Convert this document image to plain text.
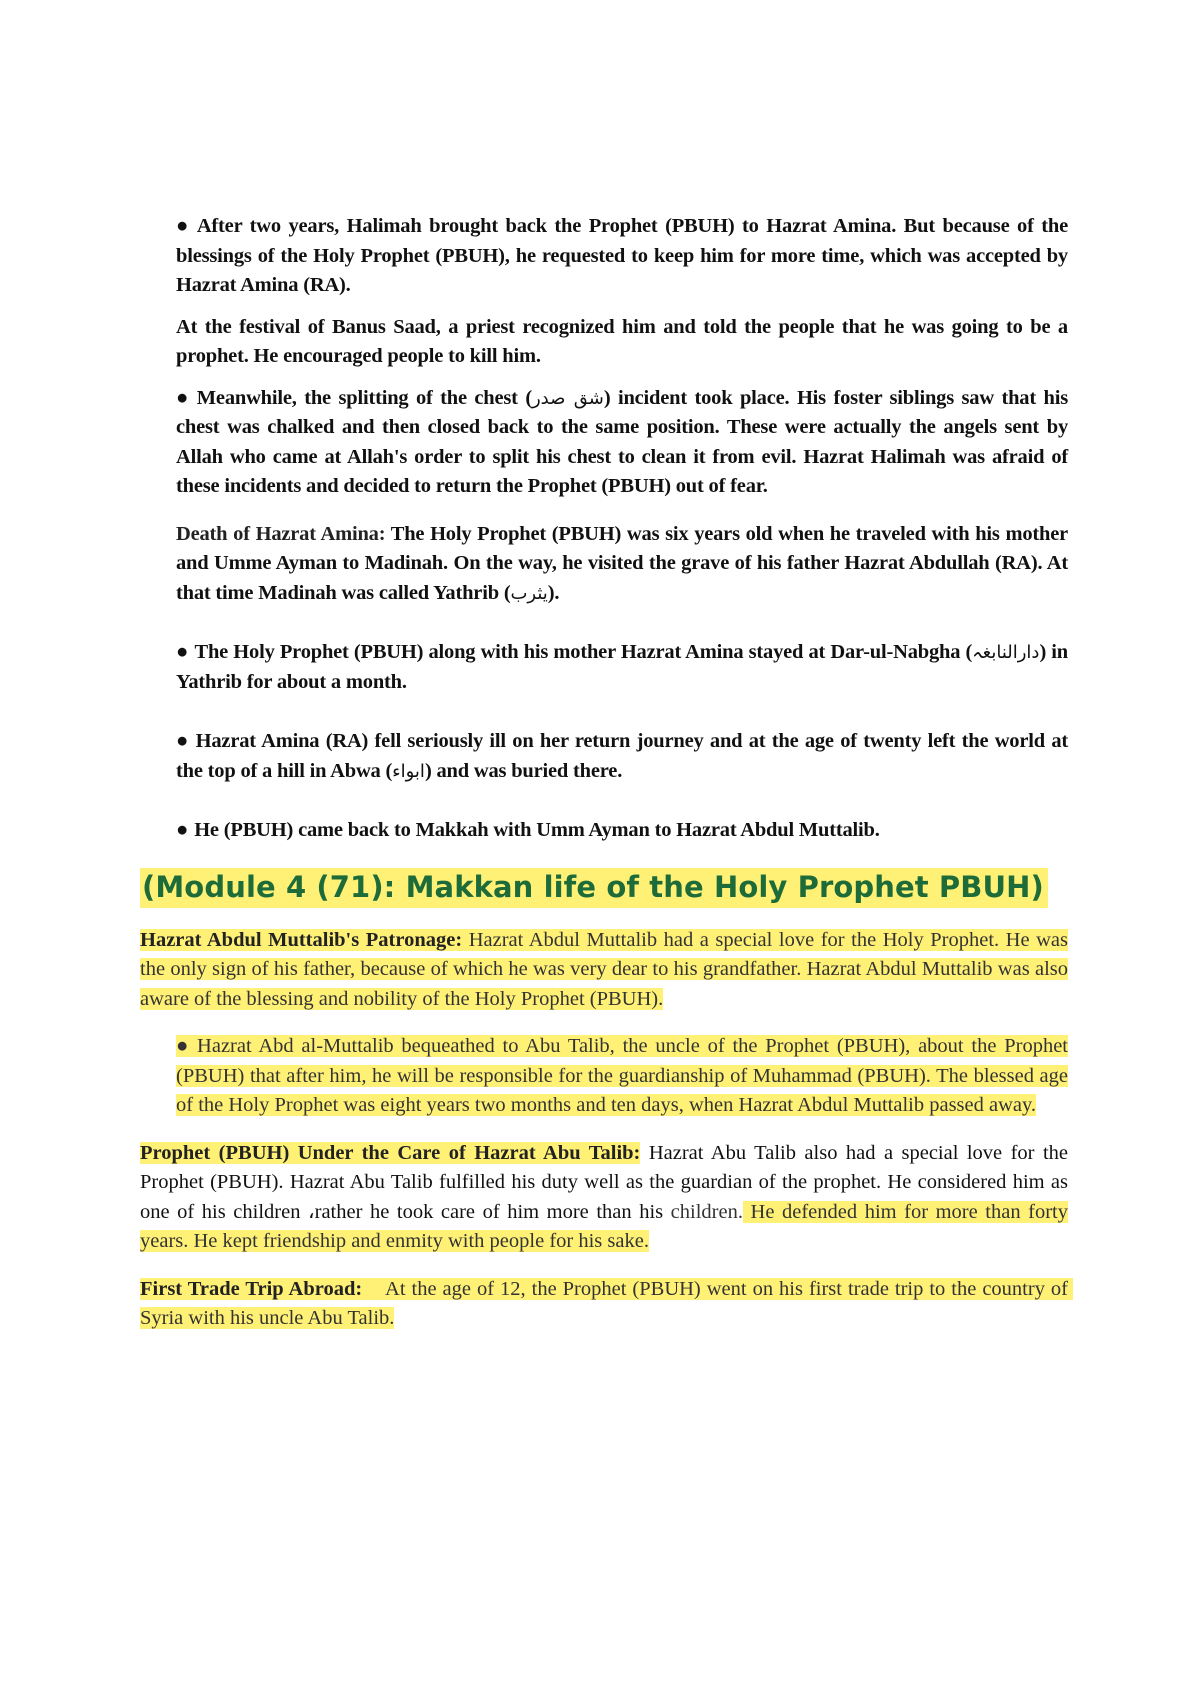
● After two years, Halimah brought back the Prophet (PBUH) to Hazrat Amina. But because of the blessings of the Holy Prophet (PBUH), he requested to keep him for more time, which was accepted by Hazrat Amina (RA).

At the festival of Banus Saad, a priest recognized him and told the people that he was going to be a prophet. He encouraged people to kill him.

● Meanwhile, the splitting of the chest (شق صدر) incident took place. His foster siblings saw that his chest was chalked and then closed back to the same position. These were actually the angels sent by Allah who came at Allah's order to split his chest to clean it from evil. Hazrat Halimah was afraid of these incidents and decided to return the Prophet (PBUH) out of fear.

Death of Hazrat Amina: The Holy Prophet (PBUH) was six years old when he traveled with his mother and Umme Ayman to Madinah. On the way, he visited the grave of his father Hazrat Abdullah (RA). At that time Madinah was called Yathrib (يثرب).

● The Holy Prophet (PBUH) along with his mother Hazrat Amina stayed at Dar-ul-Nabgha (دارالنابغہ) in Yathrib for about a month.

● Hazrat Amina (RA) fell seriously ill on her return journey and at the age of twenty left the world at the top of a hill in Abwa (ابواء) and was buried there.

● He (PBUH) came back to Makkah with Umm Ayman to Hazrat Abdul Muttalib.

(Module 4 (71): Makkan life of the Holy Prophet PBUH)

Hazrat Abdul Muttalib's Patronage: Hazrat Abdul Muttalib had a special love for the Holy Prophet. He was the only sign of his father, because of which he was very dear to his grandfather. Hazrat Abdul Muttalib was also aware of the blessing and nobility of the Holy Prophet (PBUH).

● Hazrat Abd al-Muttalib bequeathed to Abu Talib, the uncle of the Prophet (PBUH), about the Prophet (PBUH) that after him, he will be responsible for the guardianship of Muhammad (PBUH). The blessed age of the Holy Prophet was eight years two months and ten days, when Hazrat Abdul Muttalib passed away.

Prophet (PBUH) Under the Care of Hazrat Abu Talib: Hazrat Abu Talib also had a special love for the Prophet (PBUH). Hazrat Abu Talib fulfilled his duty well as the guardian of the prophet. He considered him as one of his children ،rather he took care of him more than his children. He defended him for more than forty years. He kept friendship and enmity with people for his sake.

First Trade Trip Abroad:    At the age of 12, the Prophet (PBUH) went on his first trade trip to the country of Syria with his uncle Abu Talib.
